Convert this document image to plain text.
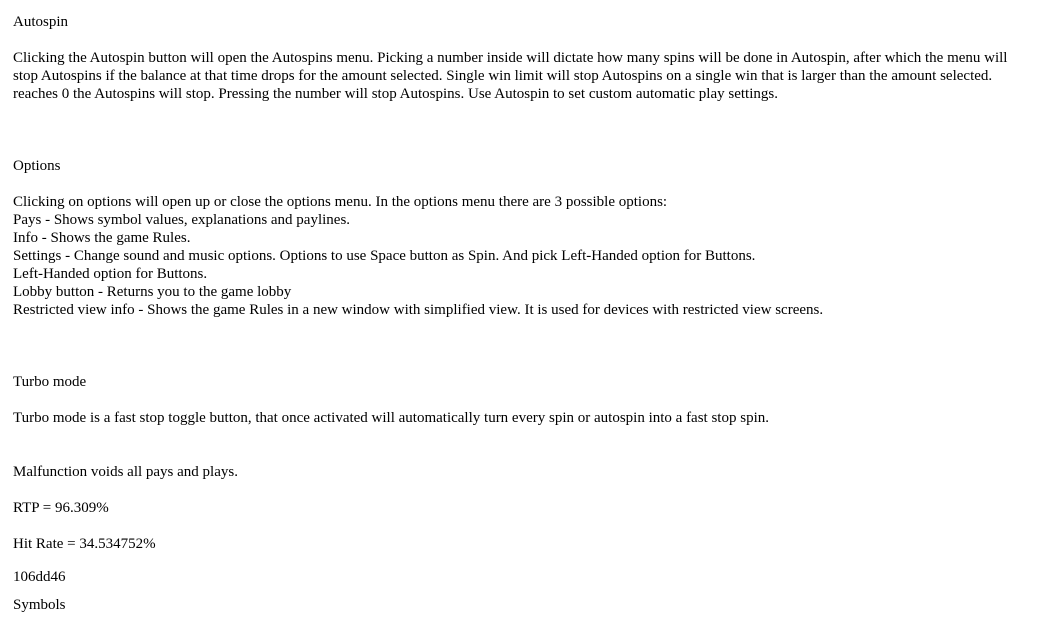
Autospin
Clicking the Autospin button will open the Autospins menu. Picking a number inside will dictate how many spins will be done in Autospin, after which the menu will
stop Autospins if the balance at that time drops for the amount selected. Single win limit will stop Autospins on a single win that is larger than the amount selected.
reaches 0 the Autospins will stop. Pressing the number will stop Autospins. Use Autospin to set custom automatic play settings.
Options
Clicking on options will open up or close the options menu. In the options menu there are 3 possible options:
Pays - Shows symbol values, explanations and paylines.
Info - Shows the game Rules.
Settings - Change sound and music options. Options to use Space button as Spin. And pick Left-Handed option for Buttons.
Left-Handed option for Buttons.
Lobby button - Returns you to the game lobby
Restricted view info - Shows the game Rules in a new window with simplified view. It is used for devices with restricted view screens.
Turbo mode
Turbo mode is a fast stop toggle button, that once activated will automatically turn every spin or autospin into a fast stop spin.
Malfunction voids all pays and plays.
RTP = 96.309%
Hit Rate = 34.534752%
106dd46
Symbols
